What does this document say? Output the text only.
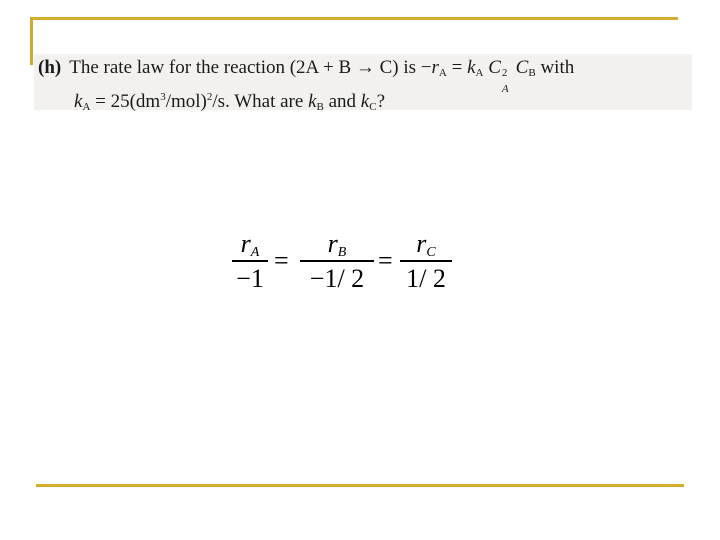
(h) The rate law for the reaction (2A + B → C) is $-r_A = k_A$ C 2
A
$C_B$ with
$k_A = 25(dm^3/mol)^2/s$. What are $k_B$ and $k_C$?
$r_A$
−1
=
$r_B$
−1/ 2
=
$r_C$
1/ 2
